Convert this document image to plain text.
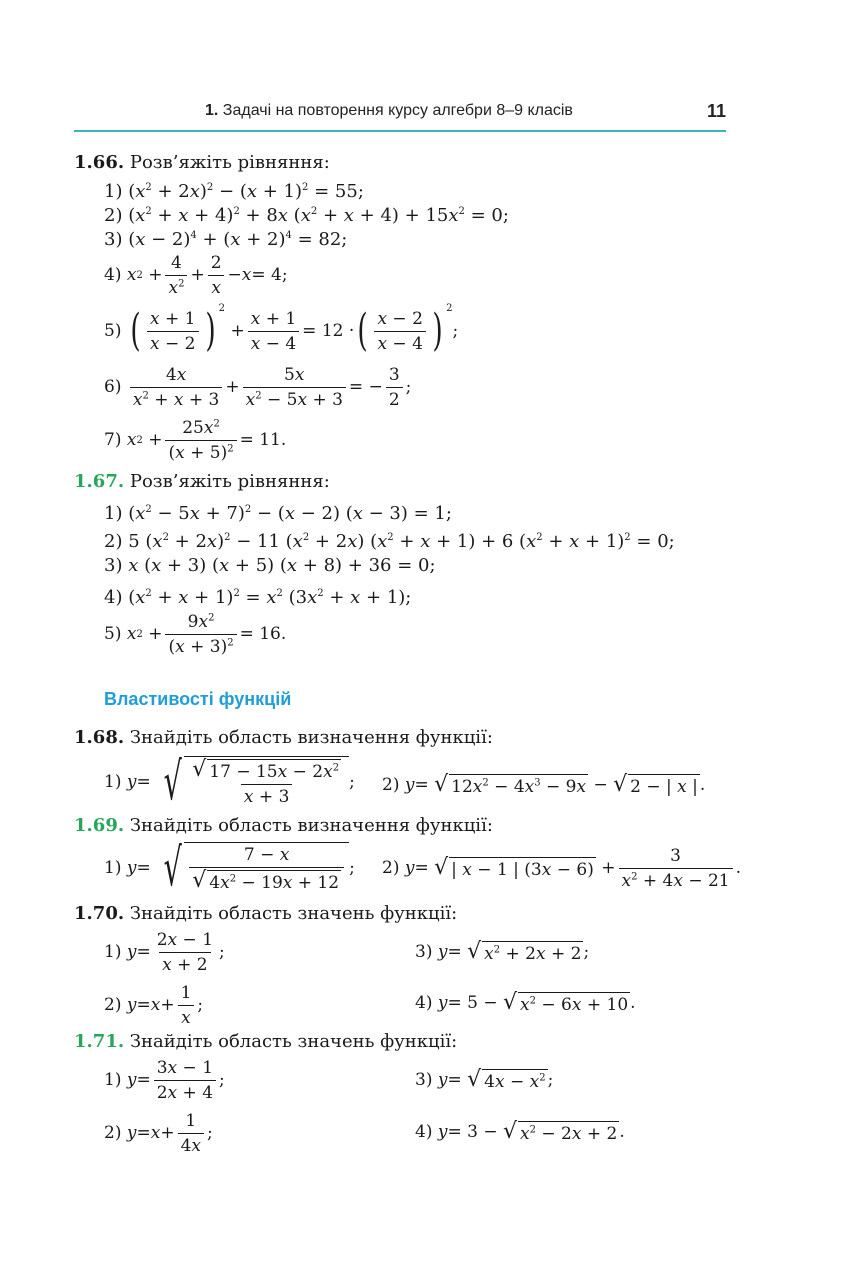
1. Задачі на повторення курсу алгебри 8–9 класів	11
1.66. Розв’яжіть рівняння:
1) $(x^2 + 2x)^2 - (x + 1)^2 = 55$;
2) $(x^2 + x + 4)^2 + 8x$ $(x^2 + x + 4) + 15x^2 = 0$;
3) $(x - 2)^4 + (x + 2)^4 = 82$;
4) x $2 + \frac{4}{x^2} + \frac{2}{x} - x = 4$;
5) ( $\frac{x + 1}{x - 2}$ ) 2
+ $\frac{x + 1}{x - 4} = 12$ · ( $\frac{x - 2}{x - 4}$ ) 2
;
$6) \frac{4x}{x^2 + x + 3} + \frac{5x}{x^2 - 5x + 3}$ = − $\frac{3}{2}$ ;
7) x $2 + \frac{25x^2}{(x + 5)^2} = 11$.
1.67. Розв’яжіть рівняння:
1) $(x^2 - 5x + 7)^2 - (x - 2) (x - 3) = 1$;
2) 5 $(x^2 + 2x)^2 - 11$ $(x^2 + 2x) (x^2 + x + 1) + 6$ $(x^2 + x + 1)^2 = 0$;
3) x (x + 3) (x + 5) (x + 8) + 36 = 0;
4) $(x^2 + x + 1)^2 = x^2$ $(3x^2 + x + 1)$;
5) x $2 + \frac{9x^2}{(x + 3)^2} = 16$.
Властивості функцій
1.68. Знайдіть область визначення функції:
1) y = √ $\frac{√ 17 - 15x - 2x^2}{x + 3}$ ; 2) y = √ $12x^2 - 4x^3 - 9x$ − √ 2 − | x | .
1.69. Знайдіть область визначення функції:
1) y = √ $\frac{7 - x}{√ 4x^2 - 19x + 12}$ ; 2) y = √ | x − 1 | $(3x - 6) + \frac{3}{x^2 + 4x - 21}$ .
1.70. Знайдіть область значень функції:
1) $y = \frac{2x - 1}{x + 2}$ ;	3) y = √ $x^2 + 2x + 2$ ;
2) $y = x + \frac{1}{x}$ ;	4) y = 5 − √ $x^2 - 6x + 10$ .
1.71. Знайдіть область значень функції:
1) $y = \frac{3x - 1}{2x + 4}$ ;	3) y = √ $4x - x^2$ ;
2) $y = x + \frac{1}{4x}$ ;	4) y = 3 − √ $x^2 - 2x + 2$ .
